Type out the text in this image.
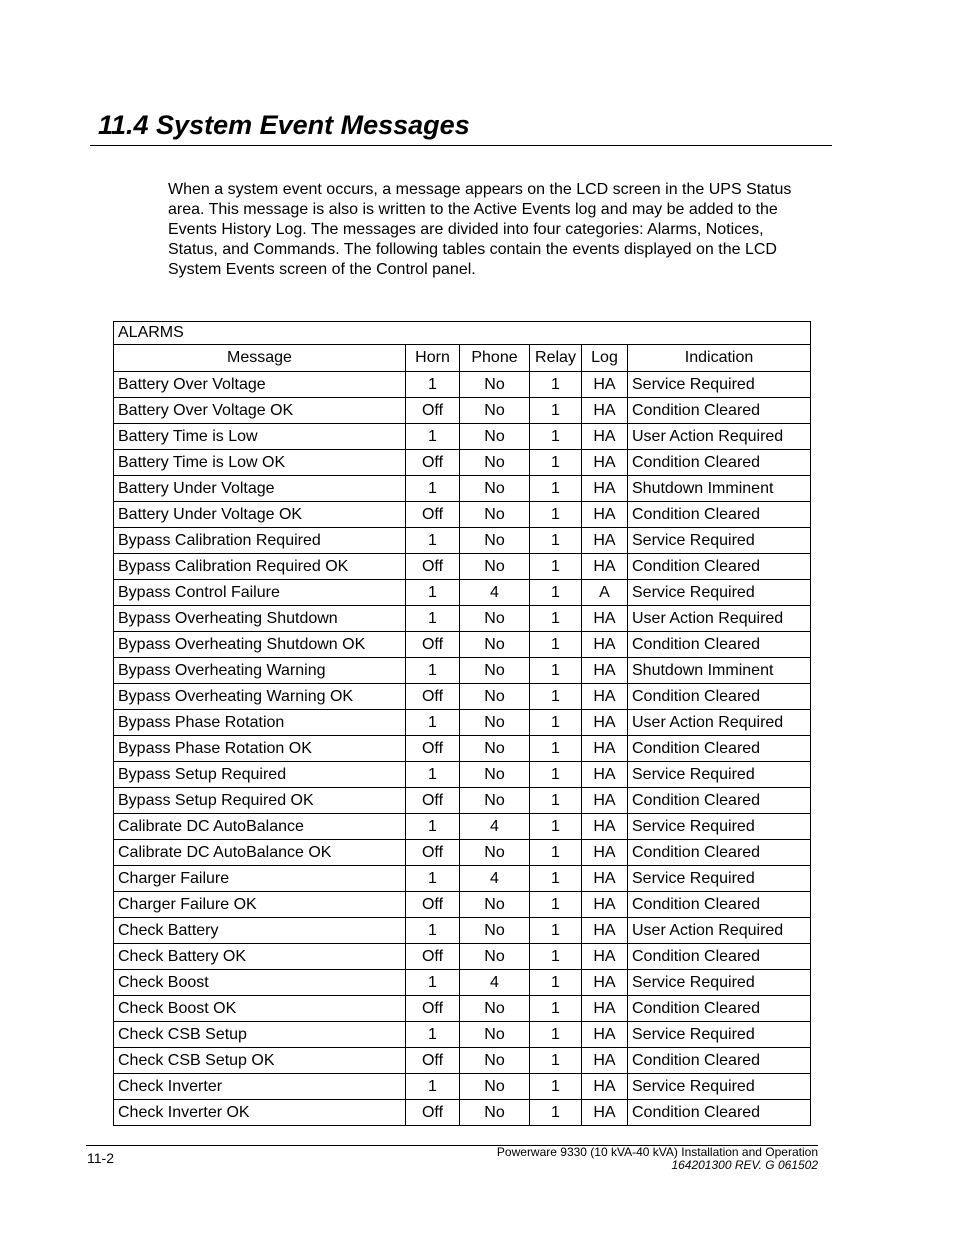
11.4 System Event Messages

When a system event occurs, a message appears on the LCD screen in the UPS Status area. This message is also is written to the Active Events log and may be added to the Events History Log. The messages are divided into four categories: Alarms, Notices, Status, and Commands. The following tables contain the events displayed on the LCD System Events screen of the Control panel.

ALARMS					
Message	Horn	Phone	Relay	Log	Indication
Battery Over Voltage	1	No	1	HA	Service Required
Battery Over Voltage OK	Off	No	1	HA	Condition Cleared
Battery Time is Low	1	No	1	HA	User Action Required
Battery Time is Low OK	Off	No	1	HA	Condition Cleared
Battery Under Voltage	1	No	1	HA	Shutdown Imminent
Battery Under Voltage OK	Off	No	1	HA	Condition Cleared
Bypass Calibration Required	1	No	1	HA	Service Required
Bypass Calibration Required OK	Off	No	1	HA	Condition Cleared
Bypass Control Failure	1	4	1	A	Service Required
Bypass Overheating Shutdown	1	No	1	HA	User Action Required
Bypass Overheating Shutdown OK	Off	No	1	HA	Condition Cleared
Bypass Overheating Warning	1	No	1	HA	Shutdown Imminent
Bypass Overheating Warning OK	Off	No	1	HA	Condition Cleared
Bypass Phase Rotation	1	No	1	HA	User Action Required
Bypass Phase Rotation OK	Off	No	1	HA	Condition Cleared
Bypass Setup Required	1	No	1	HA	Service Required
Bypass Setup Required OK	Off	No	1	HA	Condition Cleared
Calibrate DC AutoBalance	1	4	1	HA	Service Required
Calibrate DC AutoBalance OK	Off	No	1	HA	Condition Cleared
Charger Failure	1	4	1	HA	Service Required
Charger Failure OK	Off	No	1	HA	Condition Cleared
Check Battery	1	No	1	HA	User Action Required
Check Battery OK	Off	No	1	HA	Condition Cleared
Check Boost	1	4	1	HA	Service Required
Check Boost OK	Off	No	1	HA	Condition Cleared
Check CSB Setup	1	No	1	HA	Service Required
Check CSB Setup OK	Off	No	1	HA	Condition Cleared
Check Inverter	1	No	1	HA	Service Required
Check Inverter OK	Off	No	1	HA	Condition Cleared
11-2	Powerware 9330 (10 kVA-40 kVA) Installation and Operation
164201300 REV. G 061502
